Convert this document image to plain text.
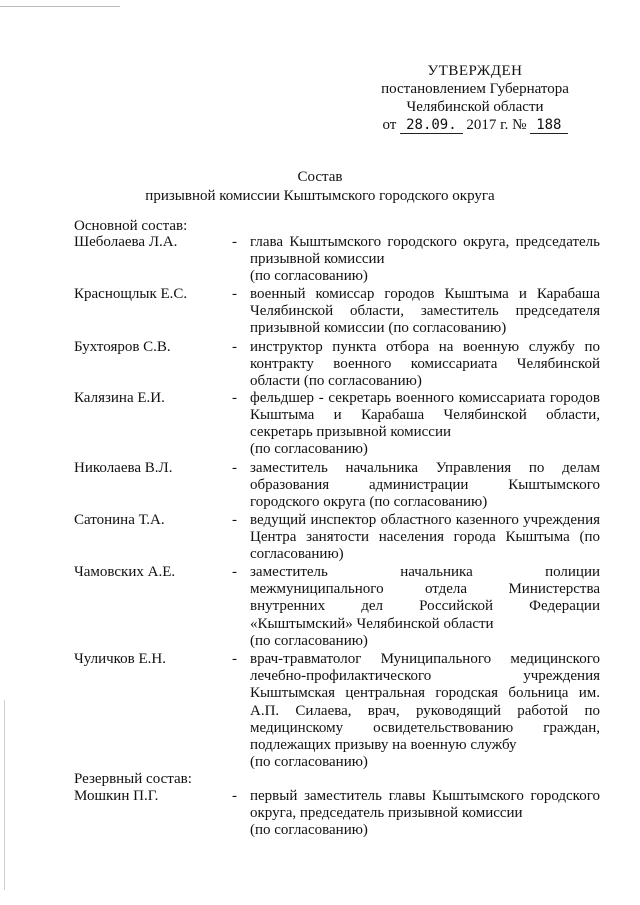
УТВЕРЖДЕН
постановлением Губернатора
Челябинской области
от 28.09. 2017 г. № 188
Состав
призывной комиссии Кыштымского городского округа
Основной состав:
Шеболаева Л.А.	- глава Кыштымского городского округа, председатель призывной комиссии
(по согласованию)
Краснощлык Е.С.	- военный комиссар городов Кыштыма и Карабаша Челябинской области, заместитель председателя призывной комиссии (по согласованию)
Бухтояров С.В.	- инструктор пункта отбора на военную службу по контракту военного комиссариата Челябинской области (по согласованию)
Калязина Е.И.	- фельдшер - секретарь военного комиссариата городов Кыштыма и Карабаша Челябинской области, секретарь призывной комиссии
(по согласованию)
Николаева В.Л.	- заместитель начальника Управления по делам образования администрации Кыштымского городского округа (по согласованию)
Сатонина Т.А.	- ведущий инспектор областного казенного учреждения Центра занятости населения города Кыштыма (по согласованию)
Чамовских А.Е.	- заместитель начальника полиции межмуниципального отдела Министерства внутренних дел Российской Федерации «Кыштымский» Челябинской области
(по согласованию)
Чуличков Е.Н.	- врач-травматолог Муниципального медицинского лечебно-профилактического учреждения Кыштымская центральная городская больница им. А.П. Силаева, врач, руководящий работой по медицинскому освидетельствованию граждан, подлежащих призыву на военную службу
(по согласованию)
Резервный состав:
Мошкин П.Г.	- первый заместитель главы Кыштымского городского округа, председатель призывной комиссии
(по согласованию)
